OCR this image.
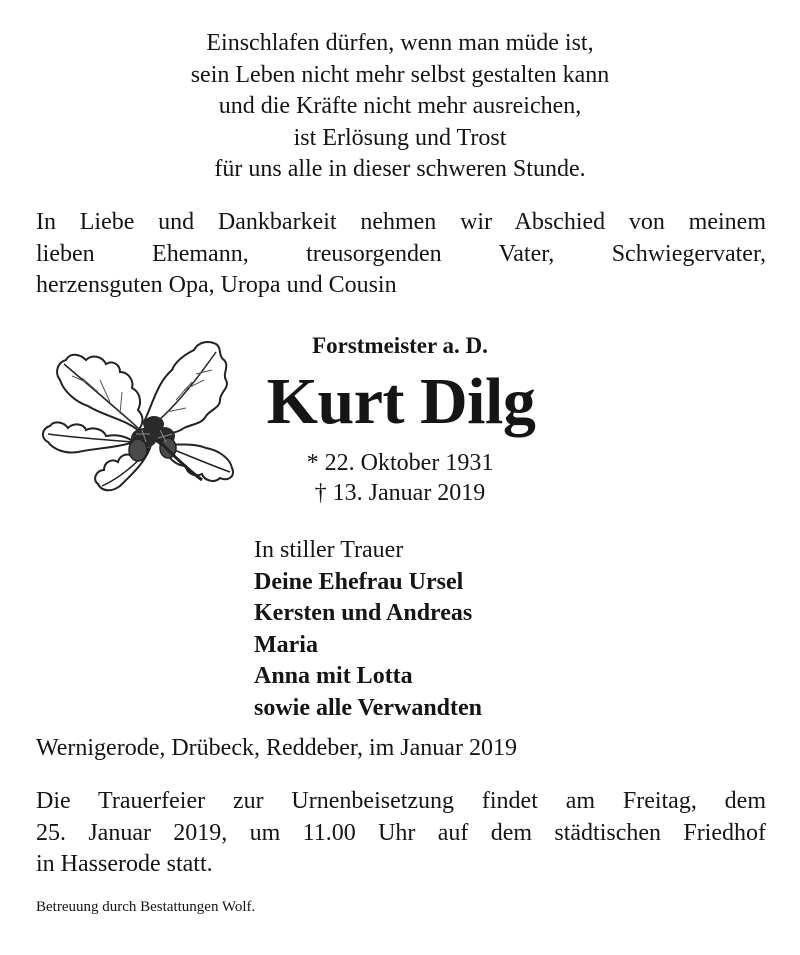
Einschlafen dürfen, wenn man müde ist,
sein Leben nicht mehr selbst gestalten kann
und die Kräfte nicht mehr ausreichen,
ist Erlösung und Trost
für uns alle in dieser schweren Stunde.
In Liebe und Dankbarkeit nehmen wir Abschied von meinem
lieben Ehemann, treusorgenden Vater, Schwiegervater,
herzensguten Opa, Uropa und Cousin
Forstmeister a. D.
Kurt Dilg
* 22. Oktober 1931
† 13. Januar 2019
In stiller Trauer
Deine Ehefrau Ursel
Kersten und Andreas
Maria
Anna mit Lotta
sowie alle Verwandten
Wernigerode, Drübeck, Reddeber, im Januar 2019
Die Trauerfeier zur Urnenbeisetzung findet am Freitag, dem
25. Januar 2019, um 11.00 Uhr auf dem städtischen Friedhof
in Hasserode statt.
Betreuung durch Bestattungen Wolf.
